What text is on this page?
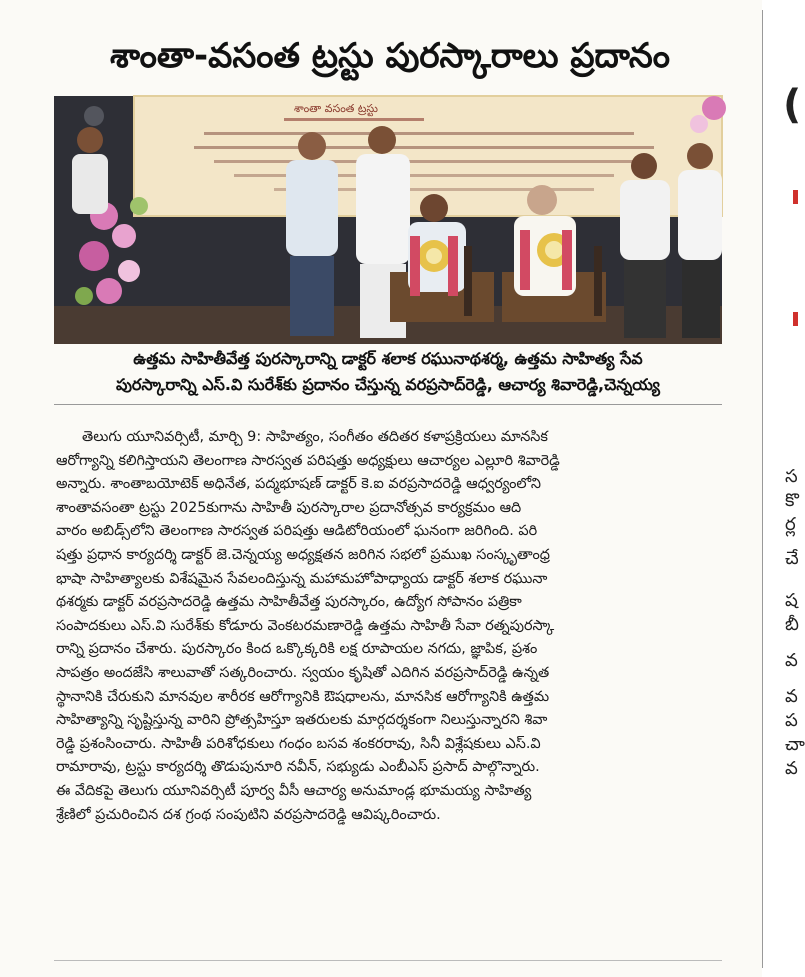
శాంతా-వసంత ట్రస్టు పురస్కారాలు ప్రదానం
శాంతా వసంత ట్రస్టు
ఉత్తమ సాహితీవేత్త పురస్కారాన్ని డాక్టర్ శలాక రఘునాథశర్మ, ఉత్తమ సాహిత్య సేవ
పురస్కారాన్ని ఎస్.వి సురేశ్‌కు ప్రదానం చేస్తున్న వరప్రసాద్‌రెడ్డి, ఆచార్య శివారెడ్డి,చెన్నయ్య
తెలుగు యూనివర్సిటీ, మార్చి 9: సాహిత్యం, సంగీతం తదితర కళాప్రక్రియలు మానసిక
ఆరోగ్యాన్ని కలిగిస్తాయని తెలంగాణ సారస్వత పరిషత్తు అధ్యక్షులు ఆచార్యల ఎల్లూరి శివారెడ్డి
అన్నారు. శాంతాబయోటెక్ అధినేత, పద్మభూషణ్ డాక్టర్ కె.ఐ వరప్రసాదరెడ్డి ఆధ్వర్యంలోని
శాంతావసంతా ట్రస్టు 2025కుగాను సాహితీ పురస్కారాల ప్రదానోత్సవ కార్యక్రమం ఆది
వారం అబిడ్స్‌లోని తెలంగాణ సారస్వత పరిషత్తు ఆడిటోరియంలో ఘనంగా జరిగింది. పరి
షత్తు ప్రధాన కార్యదర్శి డాక్టర్ జె.చెన్నయ్య అధ్యక్షతన జరిగిన సభలో ప్రముఖ సంస్కృతాంధ్ర
భాషా సాహిత్యాలకు విశేషమైన సేవలందిస్తున్న మహామహోపాధ్యాయ డాక్టర్ శలాక రఘునా
థశర్మకు డాక్టర్ వరప్రసాదరెడ్డి ఉత్తమ సాహితీవేత్త పురస్కారం, ఉద్యోగ సోపానం పత్రికా
సంపాదకులు ఎస్.వి సురేశ్‌కు కోడూరు వెంకటరమణారెడ్డి ఉత్తమ సాహితీ సేవా రత్నపురస్కా
రాన్ని ప్రదానం చేశారు. పురస్కారం కింద ఒక్కొక్కరికి లక్ష రూపాయల నగదు, జ్ఞాపిక, ప్రశం
సాపత్రం అందజేసి శాలువాతో సత్కరించారు. స్వయం కృషితో ఎదిగిన వరప్రసాద్‌రెడ్డి ఉన్నత
స్థానానికి చేరుకుని మానవుల శారీరక ఆరోగ్యానికి ఔషధాలను, మానసిక ఆరోగ్యానికి ఉత్తమ
సాహిత్యాన్ని సృష్టిస్తున్న వారిని ప్రోత్సహిస్తూ ఇతరులకు మార్గదర్శకంగా నిలుస్తున్నారని శివా
రెడ్డి ప్రశంసించారు. సాహితీ పరిశోధకులు గంధం బసవ శంకరరావు, సినీ విశ్లేషకులు ఎస్.వి
రామారావు, ట్రస్టు కార్యదర్శి తొడుపునూరి నవీన్, సభ్యుడు ఎంబీఎస్ ప్రసాద్ పాల్గొన్నారు.
ఈ వేదికపై తెలుగు యూనివర్సిటీ పూర్వ వీసీ ఆచార్య అనుమాండ్ల భూమయ్య సాహిత్య
శ్రేణిలో ప్రచురించిన దశ గ్రంథ సంపుటిని వరప్రసాదరెడ్డి ఆవిష్కరించారు.
(
స
కొ
ర్ల
చే
ష
బీ
వ
వ
ప
చా
వ
